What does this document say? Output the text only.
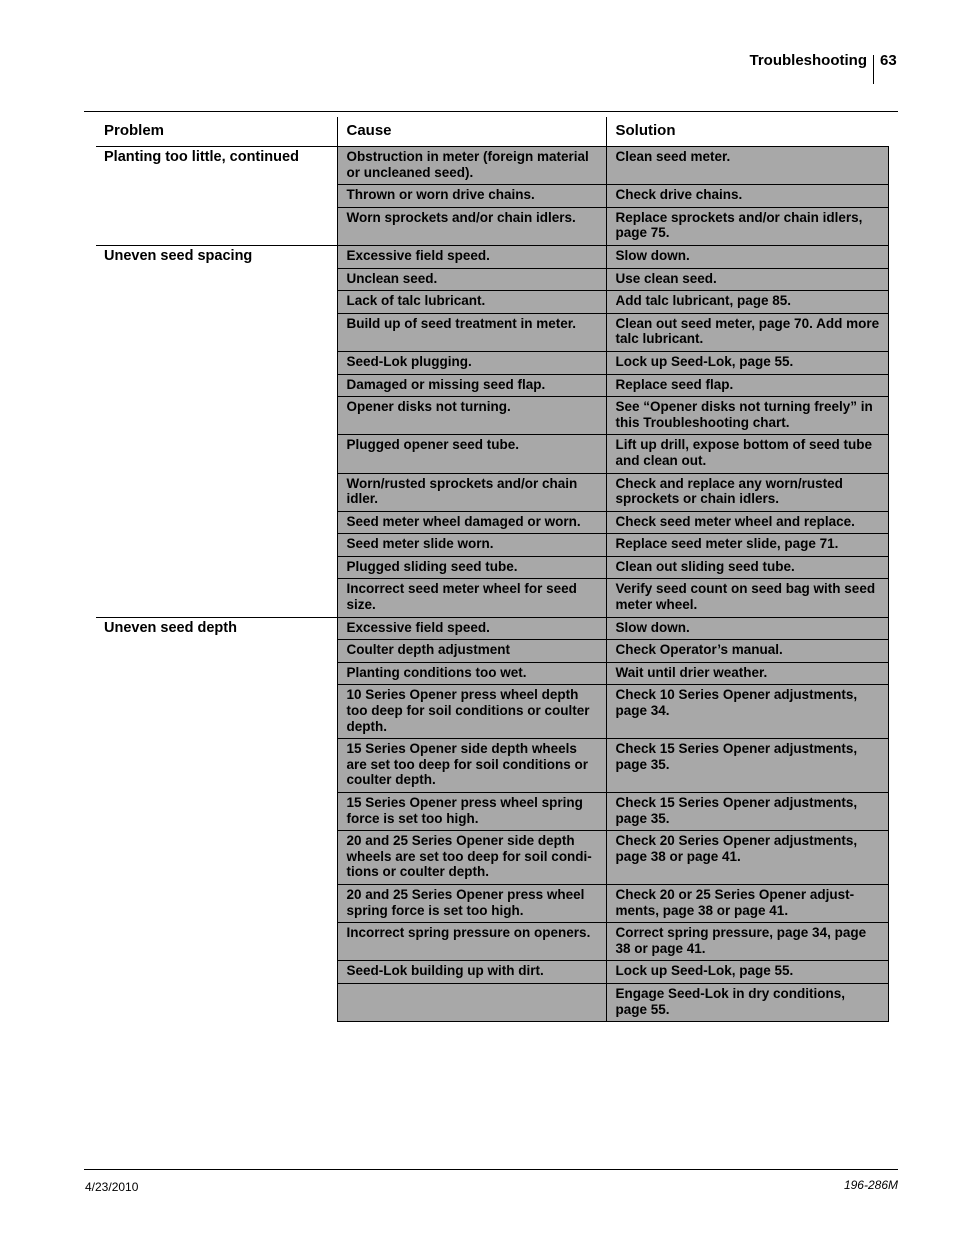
Troubleshooting 63
Problem	Cause	Solution
Planting too little, continued	Obstruction in meter (foreign material or uncleaned seed).	Clean seed meter.
	Thrown or worn drive chains.	Check drive chains.
	Worn sprockets and/or chain idlers.	Replace sprockets and/or chain idlers, page 75.
Uneven seed spacing	Excessive field speed.	Slow down.
	Unclean seed.	Use clean seed.
	Lack of talc lubricant.	Add talc lubricant, page 85.
	Build up of seed treatment in meter.	Clean out seed meter, page 70. Add more talc lubricant.
	Seed-Lok plugging.	Lock up Seed-Lok, page 55.
	Damaged or missing seed flap.	Replace seed flap.
	Opener disks not turning.	See “Opener disks not turning freely” in this Troubleshooting chart.
	Plugged opener seed tube.	Lift up drill, expose bottom of seed tube and clean out.
	Worn/rusted sprockets and/or chain idler.	Check and replace any worn/rusted sprockets or chain idlers.
	Seed meter wheel damaged or worn.	Check seed meter wheel and replace.
	Seed meter slide worn.	Replace seed meter slide, page 71.
	Plugged sliding seed tube.	Clean out sliding seed tube.
	Incorrect seed meter wheel for seed size.	Verify seed count on seed bag with seed meter wheel.
Uneven seed depth	Excessive field speed.	Slow down.
	Coulter depth adjustment	Check Operator’s manual.
	Planting conditions too wet.	Wait until drier weather.
	10 Series Opener press wheel depth too deep for soil conditions or coulter depth.	Check 10 Series Opener adjustments, page 34.
	15 Series Opener side depth wheels are set too deep for soil conditions or coulter depth.	Check 15 Series Opener adjustments, page 35.
	15 Series Opener press wheel spring force is set too high.	Check 15 Series Opener adjustments, page 35.
	20 and 25 Series Opener side depth wheels are set too deep for soil condi-tions or coulter depth.	Check 20 Series Opener adjustments, page 38 or page 41.
	20 and 25 Series Opener press wheel spring force is set too high.	Check 20 or 25 Series Opener adjust-ments, page 38 or page 41.
	Incorrect spring pressure on openers.	Correct spring pressure, page 34, page 38 or page 41.
	Seed-Lok building up with dirt.	Lock up Seed-Lok, page 55.
		Engage Seed-Lok in dry conditions, page 55.
4/23/2010	196-286M
